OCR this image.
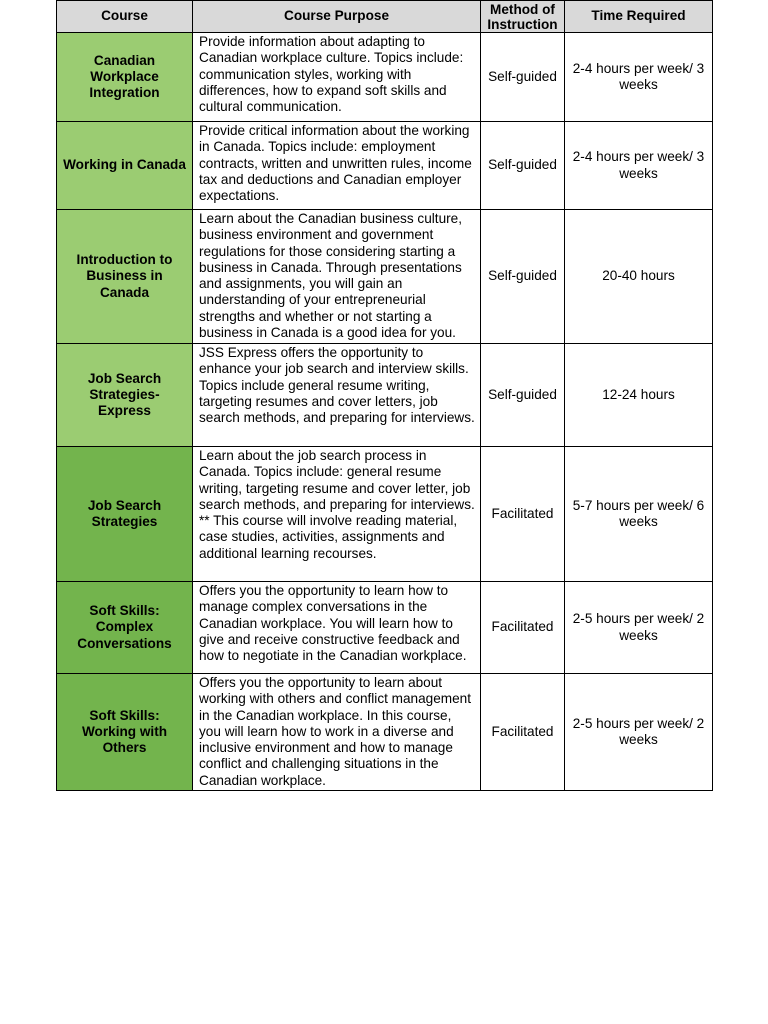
Course	Course Purpose	Method of Instruction	Time Required
Canadian Workplace Integration	Provide information about adapting to Canadian workplace culture. Topics include: communication styles, working with differences, how to expand soft skills and cultural communication.	Self-guided	2-4 hours per week/ 3 weeks
Working in Canada	Provide critical information about the working in Canada. Topics include: employment contracts, written and unwritten rules, income tax and deductions and Canadian employer expectations.	Self-guided	2-4 hours per week/ 3 weeks
Introduction to Business in Canada	Learn about the Canadian business culture, business environment and government regulations for those considering starting a business in Canada. Through presentations and assignments, you will gain an understanding of your entrepreneurial strengths and whether or not starting a business in Canada is a good idea for you.	Self-guided	20-40 hours
Job Search Strategies-Express	JSS Express offers the opportunity to enhance your job search and interview skills. Topics include general resume writing, targeting resumes and cover letters, job search methods, and preparing for interviews.	Self-guided	12-24 hours
Job Search Strategies	Learn about the job search process in Canada. Topics include: general resume writing, targeting resume and cover letter, job search methods, and preparing for interviews. ** This course will involve reading material, case studies, activities, assignments and additional learning recourses.	Facilitated	5-7 hours per week/ 6 weeks
Soft Skills: Complex Conversations	Offers you the opportunity to learn how to manage complex conversations in the Canadian workplace. You will learn how to give and receive constructive feedback and how to negotiate in the Canadian workplace.	Facilitated	2-5 hours per week/ 2 weeks
Soft Skills: Working with Others	Offers you the opportunity to learn about working with others and conflict management in the Canadian workplace. In this course, you will learn how to work in a diverse and inclusive environment and how to manage conflict and challenging situations in the Canadian workplace.	Facilitated	2-5 hours per week/ 2 weeks
